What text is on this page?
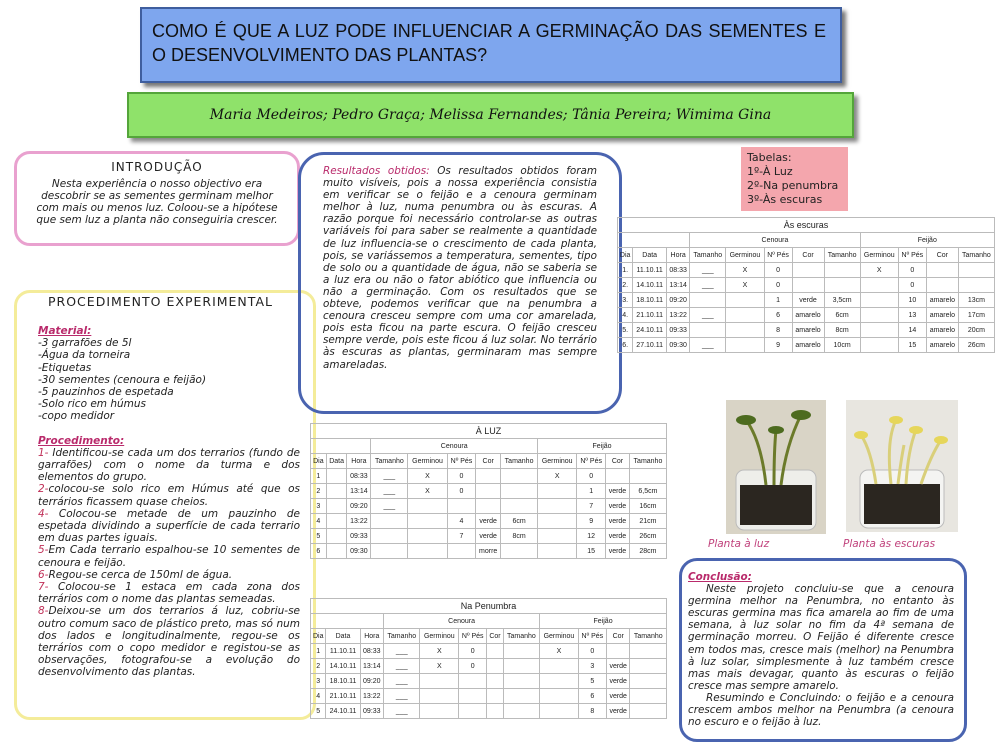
COMO É QUE A LUZ PODE INFLUENCIAR A GERMINAÇÃO DAS SEMENTES E O DESENVOLVIMENTO DAS PLANTAS?
Maria Medeiros; Pedro Graça; Melissa Fernandes; Tânia Pereira; Wimima Gina
INTRODUÇÃO

Nesta experiência o nosso objectivo era descobrir se as sementes germinam melhor com mais ou menos luz. Coloou-se a hipótese que sem luz a planta não conseguiria crescer.

PROCEDIMENTO EXPERIMENTAL
Material:
-3 garrafões de 5l
-Água da torneira
-Etiquetas
-30 sementes (cenoura e feijão)
-5 pauzinhos de espetada
-Solo rico em húmus
-copo medidor
Procedimento:
1- Identificou-se cada um dos terrarios (fundo de garrafões) com o nome da turma e dos elementos do grupo.
2-colocou-se solo rico em Húmus até que os terrários ficassem quase cheios.
4- Colocou-se metade de um pauzinho de espetada dividindo a superfície de cada terrario em duas partes iguais.
5-Em Cada terrario espalhou-se 10 sementes de cenoura e feijão.
6-Regou-se cerca de 150ml de água.
7- Colocou-se 1 estaca em cada zona dos terrários com o nome das plantas semeadas.
8-Deixou-se um dos terrarios á luz, cobriu-se outro comum saco de plástico preto, mas só num dos lados e longitudinalmente, regou-se os terrários com o copo medidor e registou-se as observações, fotografou-se a evolução do desenvolvimento das plantas.
Resultados obtidos: Os resultados obtidos foram muito visíveis, pois a nossa experiência consistia em verificar se o feijão e a cenoura germinam melhor à luz, numa penumbra ou às escuras. A razão porque foi necessário controlar-se as outras variáveis foi para saber se realmente a quantidade de luz influencia-se o crescimento de cada planta, pois, se variássemos a temperatura, sementes, tipo de solo ou a quantidade de água, não se saberia se a luz era ou não o fator abiótico que influencia ou não a germinação. Com os resultados que se obteve, podemos verificar que na penumbra a cenoura cresceu sempre com uma cor amarelada, pois esta ficou na parte escura. O feijão cresceu sempre verde, pois este ficou á luz solar. No terrário às escuras as plantas, germinaram mas sempre amareladas.
Tabelas:
1º-À Luz
2º-Na penumbra
3º-Às escuras
Às escuras											
			Cenoura					Feijão			
Dia	Data	Hora	Tamanho	Germinou	Nº Pés	Cor	Tamanho	Germinou	Nº Pés	Cor	Tamanho
1.	11.10.11	08:33	___	X	0			X	0		
2.	14.10.11	13:14	___	X	0				0		
3.	18.10.11	09:20			1	verde	3,5cm		10	amarelo	13cm
4.	21.10.11	13:22	___		6	amarelo	6cm		13	amarelo	17cm
5.	24.10.11	09:33			8	amarelo	8cm		14	amarelo	20cm
6.	27.10.11	09:30	___		9	amarelo	10cm		15	amarelo	26cm
À LUZ											
			Cenoura					Feijão			
Dia	Data	Hora	Tamanho	Germinou	Nº Pés	Cor	Tamanho	Germinou	Nº Pés	Cor	Tamanho
1		08:33	___	X	0			X	0		
2		13:14	___	X	0				1	verde	6,5cm
3		09:20	___						7	verde	16cm
4		13:22			4	verde	6cm		9	verde	21cm
5		09:33			7	verde	8cm		12	verde	26cm
6		09:30				morre			15	verde	28cm
Na Penumbra											
			Cenoura					Feijão			
Dia	Data	Hora	Tamanho	Germinou	Nº Pés	Cor	Tamanho	Germinou	Nº Pés	Cor	Tamanho
1	11.10.11	08:33	___	X	0			X	0		
2	14.10.11	13:14	___	X	0				3	verde	
3	18.10.11	09:20	___						5	verde	
4	21.10.11	13:22	___						6	verde	
5	24.10.11	09:33	___						8	verde	
Planta à luz	Planta às escuras
Conclusão:
Neste projeto concluiu-se que a cenoura germina melhor na Penumbra, no entanto às escuras germina mas fica amarela ao fim de uma semana, à luz solar no fim da 4ª semana de germinação morreu. O Feijão é diferente cresce em todos mas, cresce mais (melhor) na Penumbra à luz solar, simplesmente à luz também cresce mas mais devagar, quanto às escuras o feijão cresce mas sempre amarelo.
Resumindo e Concluindo: o feijão e a cenoura crescem ambos melhor na Penumbra (a cenoura no escuro e o feijão à luz.
